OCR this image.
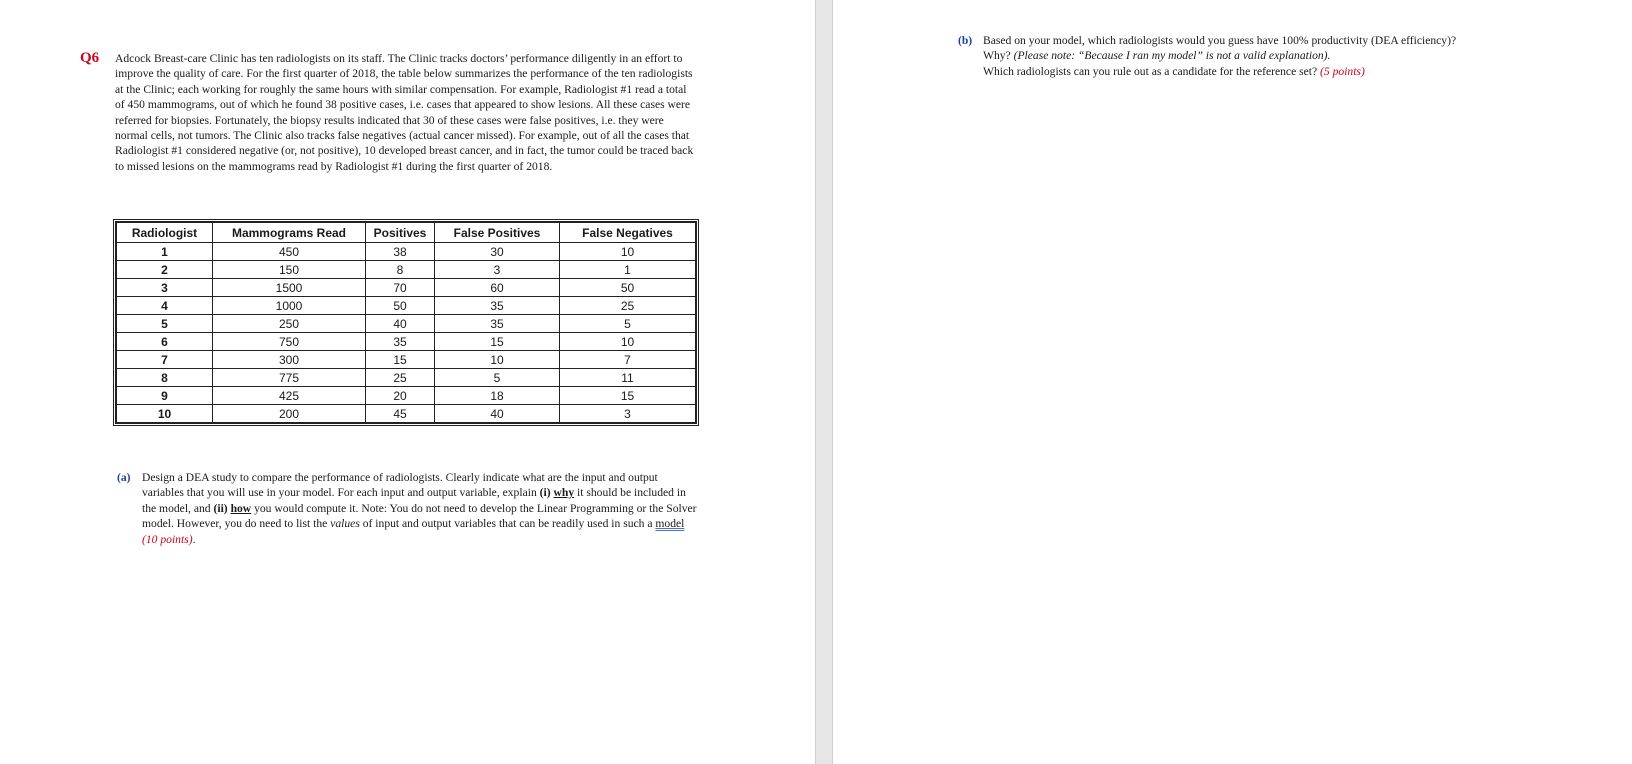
Q6 Adcock Breast-care Clinic has ten radiologists on its staff. The Clinic tracks doctors’ performance diligently in an effort to improve the quality of care. For the first quarter of 2018, the table below summarizes the performance of the ten radiologists at the Clinic; each working for roughly the same hours with similar compensation. For example, Radiologist #1 read a total of 450 mammograms, out of which he found 38 positive cases, i.e. cases that appeared to show lesions. All these cases were referred for biopsies. Fortunately, the biopsy results indicated that 30 of these cases were false positives, i.e. they were normal cells, not tumors. The Clinic also tracks false negatives (actual cancer missed). For example, out of all the cases that Radiologist #1 considered negative (or, not positive), 10 developed breast cancer, and in fact, the tumor could be traced back to missed lesions on the mammograms read by Radiologist #1 during the first quarter of 2018.
Radiologist	Mammograms Read	Positives	False Positives	False Negatives
1	450	38	30	10
2	150	8	3	1
3	1500	70	60	50
4	1000	50	35	25
5	250	40	35	5
6	750	35	15	10
7	300	15	10	7
8	775	25	5	11
9	425	20	18	15
10	200	45	40	3
(a) Design a DEA study to compare the performance of radiologists. Clearly indicate what are the input and output variables that you will use in your model. For each input and output variable, explain (i) why it should be included in the model, and (ii) how you would compute it. Note: You do not need to develop the Linear Programming or the Solver model. However, you do need to list the values of input and output variables that can be readily used in such a model (10 points).
(b) Based on your model, which radiologists would you guess have 100% productivity (DEA efficiency)?
Why? (Please note: “Because I ran my model” is not a valid explanation).
Which radiologists can you rule out as a candidate for the reference set? (5 points)
